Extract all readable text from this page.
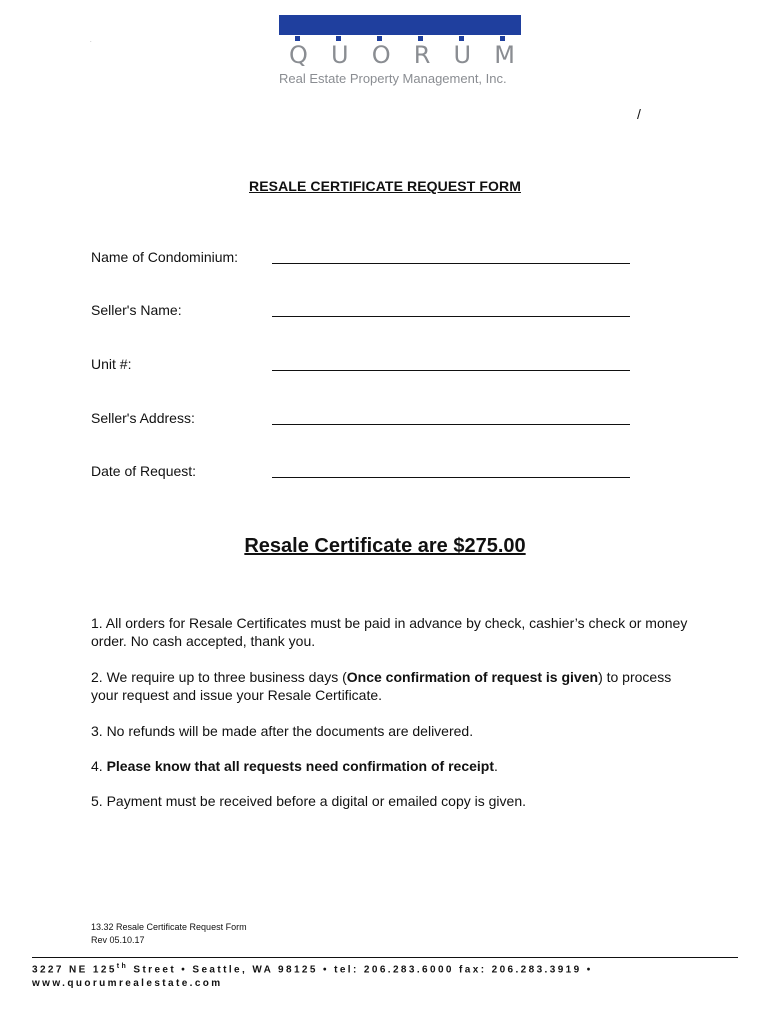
Q U O R U M
Real Estate Property Management, Inc.
.
/
RESALE CERTIFICATE REQUEST FORM
Name of Condominium:
Seller's Name:
Unit #:
Seller's Address:
Date of Request:
Resale Certificate are $275.00
1. All orders for Resale Certificates must be paid in advance by check, cashier’s check or money order. No cash accepted, thank you.
2. We require up to three business days (Once confirmation of request is given) to process your request and issue your Resale Certificate.
3. No refunds will be made after the documents are delivered.
4. Please know that all requests need confirmation of receipt.
5. Payment must be received before a digital or emailed copy is given.
13.32 Resale Certificate Request Form
Rev 05.10.17
3227 NE 125th Street • Seattle, WA 98125 • tel: 206.283.6000 fax: 206.283.3919 •
www.quorumrealestate.com
